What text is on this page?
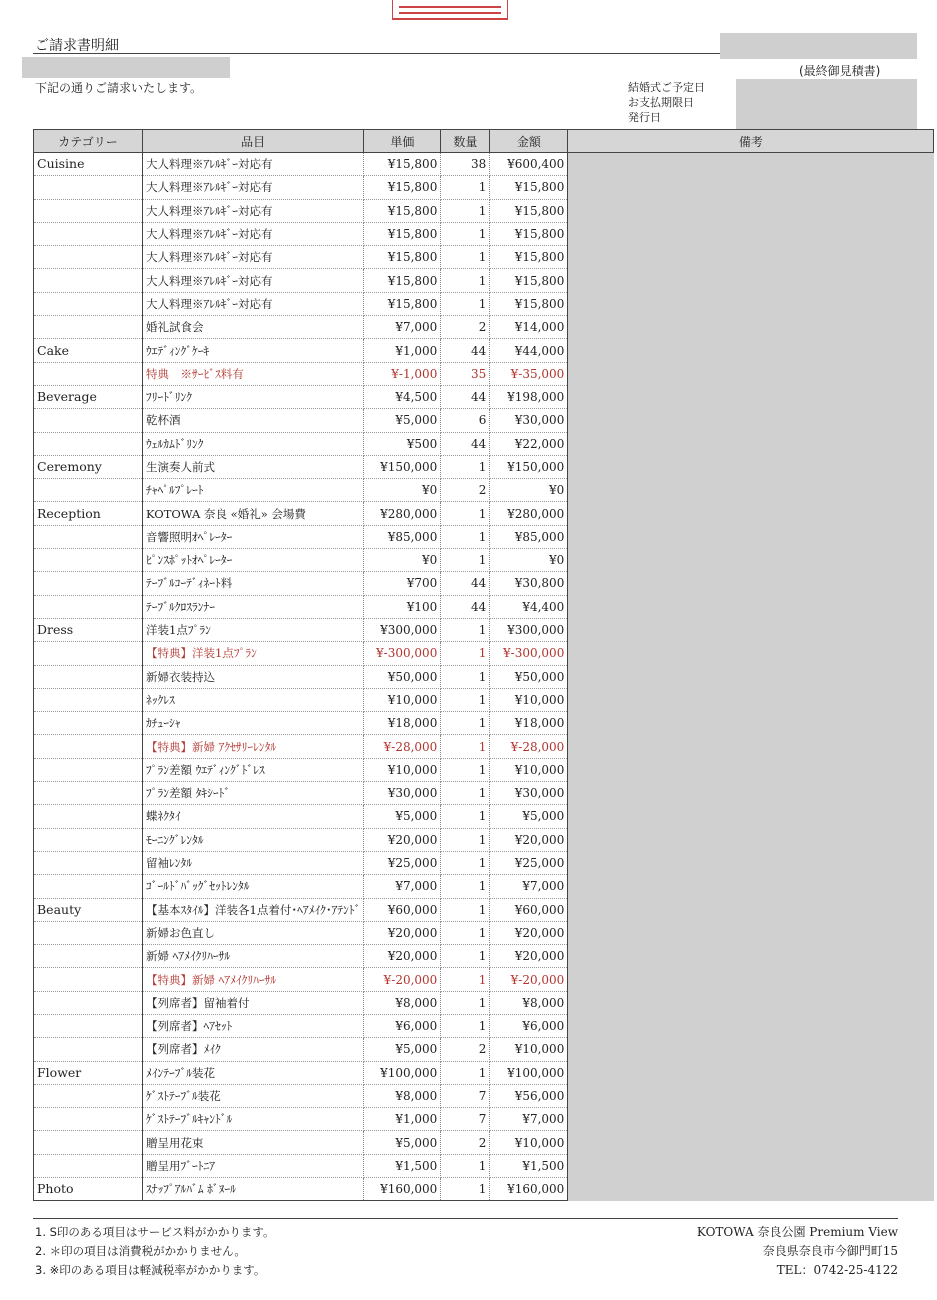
ご請求書明細
(最終御見積書)
下記の通りご請求いたします。	結婚式ご予定日
お支払期限日
発行日
カテゴリー	品目	単価	数量	金額	備考
Cuisine	大人料理※ｱﾚﾙｷﾞｰ対応有	¥15,800	38	¥600,400	
	大人料理※ｱﾚﾙｷﾞｰ対応有	¥15,800	1	¥15,800	
	大人料理※ｱﾚﾙｷﾞｰ対応有	¥15,800	1	¥15,800	
	大人料理※ｱﾚﾙｷﾞｰ対応有	¥15,800	1	¥15,800	
	大人料理※ｱﾚﾙｷﾞｰ対応有	¥15,800	1	¥15,800	
	大人料理※ｱﾚﾙｷﾞｰ対応有	¥15,800	1	¥15,800	
	大人料理※ｱﾚﾙｷﾞｰ対応有	¥15,800	1	¥15,800	
	婚礼試食会	¥7,000	2	¥14,000	
Cake	ｳｴﾃﾞｨﾝｸﾞｹｰｷ	¥1,000	44	¥44,000	
	特典　※ｻｰﾋﾞｽ料有	¥-1,000	35	¥-35,000	
Beverage	ﾌﾘｰﾄﾞﾘﾝｸ	¥4,500	44	¥198,000	
	乾杯酒	¥5,000	6	¥30,000	
	ｳｪﾙｶﾑﾄﾞﾘﾝｸ	¥500	44	¥22,000	
Ceremony	生演奏人前式	¥150,000	1	¥150,000	
	ﾁｬﾍﾟﾙﾌﾟﾚｰﾄ	¥0	2	¥0	
Reception	KOTOWA 奈良 «婚礼» 会場費	¥280,000	1	¥280,000	
	音響照明ｵﾍﾟﾚｰﾀｰ	¥85,000	1	¥85,000	
	ﾋﾟﾝｽﾎﾟｯﾄｵﾍﾟﾚｰﾀｰ	¥0	1	¥0	
	ﾃｰﾌﾞﾙｺｰﾃﾞｨﾈｰﾄ料	¥700	44	¥30,800	
	ﾃｰﾌﾞﾙｸﾛｽﾗﾝﾅｰ	¥100	44	¥4,400	
Dress	洋装1点ﾌﾟﾗﾝ	¥300,000	1	¥300,000	
	【特典】洋装1点ﾌﾟﾗﾝ	¥-300,000	1	¥-300,000	
	新婦衣装持込	¥50,000	1	¥50,000	
	ﾈｯｸﾚｽ	¥10,000	1	¥10,000	
	ｶﾁｭｰｼｬ	¥18,000	1	¥18,000	
	【特典】新婦 ｱｸｾｻﾘｰﾚﾝﾀﾙ	¥-28,000	1	¥-28,000	
	ﾌﾟﾗﾝ差額 ｳｴﾃﾞｨﾝｸﾞﾄﾞﾚｽ	¥10,000	1	¥10,000	
	ﾌﾟﾗﾝ差額 ﾀｷｼｰﾄﾞ	¥30,000	1	¥30,000	
	蝶ﾈｸﾀｲ	¥5,000	1	¥5,000	
	ﾓｰﾆﾝｸﾞﾚﾝﾀﾙ	¥20,000	1	¥20,000	
	留袖ﾚﾝﾀﾙ	¥25,000	1	¥25,000	
	ｺﾞｰﾙﾄﾞﾊﾞｯｸﾞｾｯﾄﾚﾝﾀﾙ	¥7,000	1	¥7,000	
Beauty	【基本ｽﾀｲﾙ】洋装各1点着付･ﾍｱﾒｲｸ･ｱﾃﾝﾄﾞ	¥60,000	1	¥60,000	
	新婦お色直し	¥20,000	1	¥20,000	
	新婦 ﾍｱﾒｲｸﾘﾊｰｻﾙ	¥20,000	1	¥20,000	
	【特典】新婦 ﾍｱﾒｲｸﾘﾊｰｻﾙ	¥-20,000	1	¥-20,000	
	【列席者】留袖着付	¥8,000	1	¥8,000	
	【列席者】ﾍｱｾｯﾄ	¥6,000	1	¥6,000	
	【列席者】ﾒｲｸ	¥5,000	2	¥10,000	
Flower	ﾒｲﾝﾃｰﾌﾞﾙ装花	¥100,000	1	¥100,000	
	ｹﾞｽﾄﾃｰﾌﾞﾙ装花	¥8,000	7	¥56,000	
	ｹﾞｽﾄﾃｰﾌﾞﾙｷｬﾝﾄﾞﾙ	¥1,000	7	¥7,000	
	贈呈用花束	¥5,000	2	¥10,000	
	贈呈用ﾌﾞｰﾄﾆｱ	¥1,500	1	¥1,500	
Photo	ｽﾅｯﾌﾟｱﾙﾊﾞﾑ ﾎﾞﾇｰﾙ	¥160,000	1	¥160,000	
1. S印のある項目はサービス料がかかります。
2. ＊印の項目は消費税がかかりません。
3. ※印のある項目は軽減税率がかかります。
KOTOWA 奈良公園 Premium View
奈良県奈良市今御門町15
TEL：0742-25-4122
